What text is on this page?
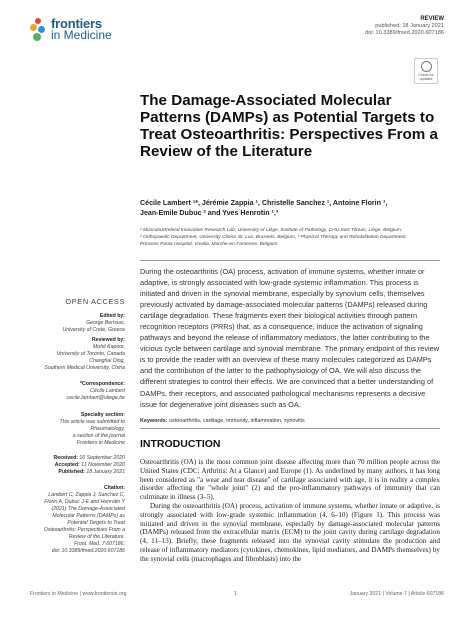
frontiers
in Medicine
REVIEW
published: 18 January 2021
doi: 10.3389/fmed.2020.607186
Check for updates
The Damage-Associated Molecular Patterns (DAMPs) as Potential Targets to Treat Osteoarthritis: Perspectives From a Review of the Literature
Cécile Lambert ¹*, Jérémie Zappia ¹, Christelle Sanchez ¹, Antoine Florin ¹,
Jean-Emile Dubuc ² and Yves Henrotin ¹,³
¹ MusculoSKeletal Innovative Research Lab, University of Liège, Institute of Pathology, CHU Sart-Tilman, Liège, Belgium,
² Orthopaedic Department, University Clinics St. Luc, Brussels, Belgium, ³ Physical Therapy and Rehabilitation Department,
Princess Paola Hospital, Vivalia, Marche-en-Famenne, Belgium

During the osteoarthritis (OA) process, activation of immune systems, whether innate or adaptive, is strongly associated with low-grade systemic inflammation. This process is initiated and driven in the synovial membrane, especially by synovium cells, themselves previously activated by damage-associated molecular patterns (DAMPs) released during cartilage degradation. These fragments exert their biological activities through pattern recognition receptors (PRRs) that, as a consequence, induce the activation of signaling pathways and beyond the release of inflammatory mediators, the latter contributing to the vicious cycle between cartilage and synovial membrane. The primary endpoint of this review is to provide the reader with an overview of these many molecules categorized as DAMPs and the contribution of the latter to the pathophysiology of OA. We will also discuss the different strategies to control their effects. We are convinced that a better understanding of DAMPs, their receptors, and associated pathological mechanisms represents a decisive issue for degenerative joint diseases such as OA.

Keywords: osteoarthritis, cartilage, immunity, inflammation, synovitis
OPEN ACCESS
Edited by:
George Bertsias,
University of Crete, Greece
Reviewed by:
Mohit Kapoor,
University of Toronto, Canada
Changhai Ding,
Southern Medical University, China
*Correspondence:
Cécile Lambert
cecile.lambert@uliege.be
Specialty section:
This article was submitted to
Rheumatology,
a section of the journal
Frontiers in Medicine
Received: 16 September 2020
Accepted: 11 November 2020
Published: 18 January 2021
Citation:
Lambert C, Zappia J, Sanchez C,
Florin A, Dubuc J-E and Henrotin Y
(2021) The Damage-Associated
Molecular Patterns (DAMPs) as
Potential Targets to Treat
Osteoarthritis: Perspectives From a
Review of the Literature.
Front. Med. 7:607186.
doi: 10.3389/fmed.2020.607186
INTRODUCTION

Osteoarthritis (OA) is the most common joint disease affecting more than 70 million people across the United States (CDC: Arthritis: At a Glance) and Europe (1). As underlined by many authors, it has long been considered as "a wear and tear disease" of cartilage associated with age, it is in reality a complex disorder affecting the "whole joint" (2) and the pro-inflammatory pathways of immunity that can culminate in illness (3–5).

During the osteoarthritis (OA) process, activation of immune systems, whether innate or adaptive, is strongly associated with low-grade systemic inflammation (4, 6–10) (Figure 1). This process was initiated and driven in the synovial membrane, especially by damage-associated molecular patterns (DAMPs) released from the extracellular matrix (ECM) to the joint cavity during cartilage degradation (4, 11–13). Briefly, these fragments released into the synovial cavity stimulate the production and release of inflammatory mediators (cytokines, chemokines, lipid mediators, and DAMPs themselves) by the synovial cells (macrophages and fibroblasts) into the

Frontiers in Medicine | www.frontiersin.org	1	January 2021 | Volume 7 | Article 607186
